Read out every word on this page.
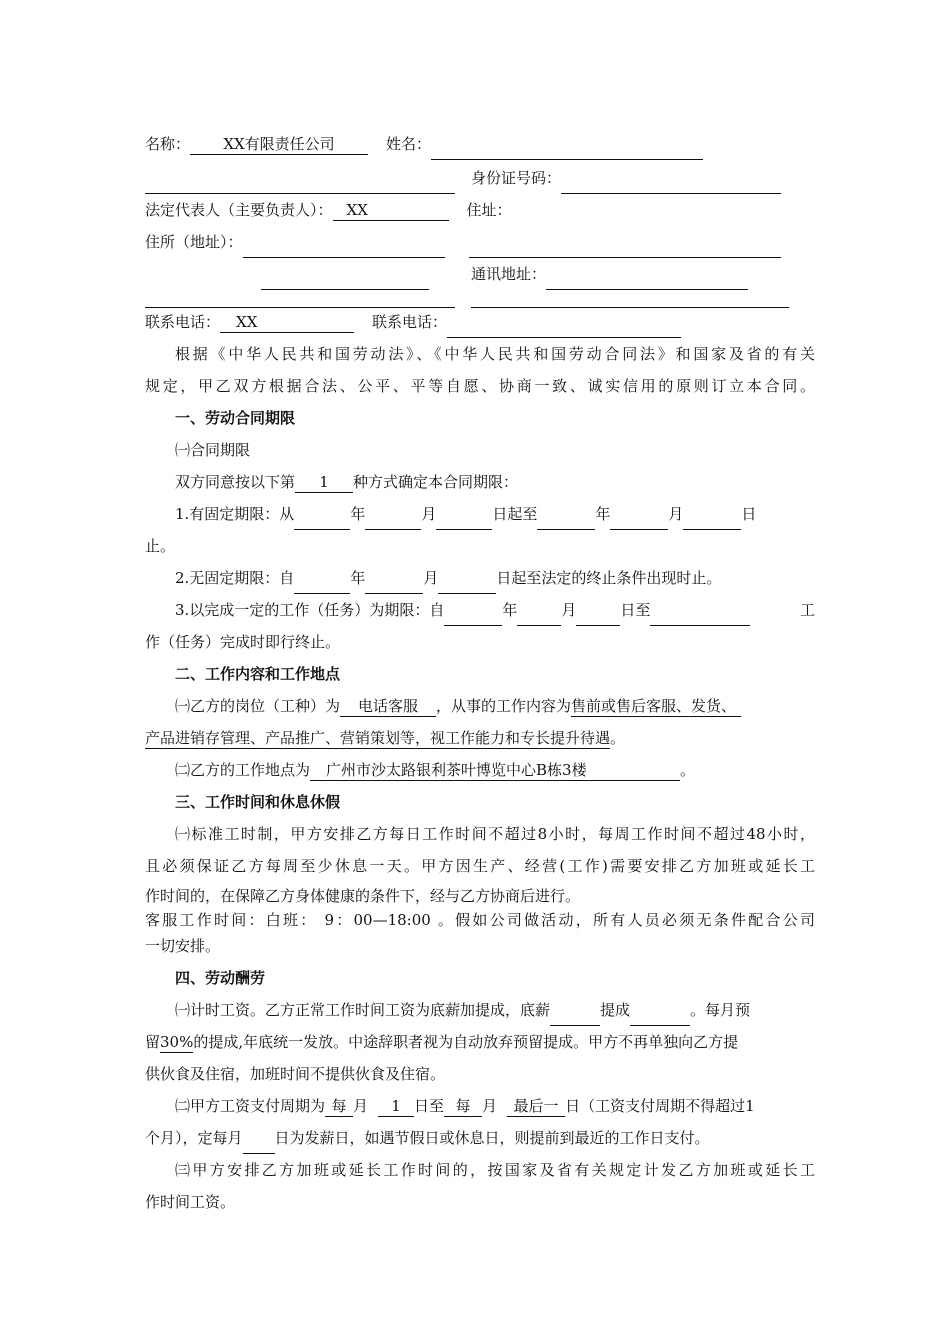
名称： XX有限责任公司	姓名：
身份证号码：
法定代表人（主要负责人）： XX	住址：
住所（地址）：
通讯地址：
联系电话： XX	联系电话：
根据《中华人民共和国劳动法》、《中华人民共和国劳动合同法》和国家及省的有关
规定，甲乙双方根据合法、公平、平等自愿、协商一致、诚实信用的原则订立本合同。
一、劳动合同期限
㈠合同期限
双方同意按以下第 1 种方式确定本合同期限：
1.有固定期限：从	年	月	日起至	年	月	日
止。
2.无固定期限：自	年	月	日起至法定的终止条件出现时止。
3.以完成一定的工作（任务）为期限：自	年	月	日至	工
作（任务）完成时即行终止。
二、工作内容和工作地点
㈠乙方的岗位（工种）为 电话客服 ，从事的工作内容为售前或售后客服、发货、
产品进销存管理、产品推广、营销策划等，视工作能力和专长提升待遇。
㈡乙方的工作地点为 广州市沙太路银利茶叶博览中心B栋3楼	。
三、工作时间和休息休假
㈠标准工时制，甲方安排乙方每日工作时间不超过8小时，每周工作时间不超过48小时，
且必须保证乙方每周至少休息一天。甲方因生产、经营(工作)需要安排乙方加班或延长工
作时间的，在保障乙方身体健康的条件下，经与乙方协商后进行。
客服工作时间：白班： 9：00—18:00 。假如公司做活动，所有人员必须无条件配合公司
一切安排。
四、劳动酬劳
㈠计时工资。乙方正常工作时间工资为底薪加提成，底薪	提成	。每月预
留30%的提成,年底统一发放。中途辞职者视为自动放弃预留提成。甲方不再单独向乙方提
供伙食及住宿，加班时间不提供伙食及住宿。
㈡甲方工资支付周期为 每 月 1 日至 每 月 最后一 日（工资支付周期不得超过1
个月），定每月 日为发薪日，如遇节假日或休息日，则提前到最近的工作日支付。
㈢甲方安排乙方加班或延长工作时间的，按国家及省有关规定计发乙方加班或延长工
作时间工资。
